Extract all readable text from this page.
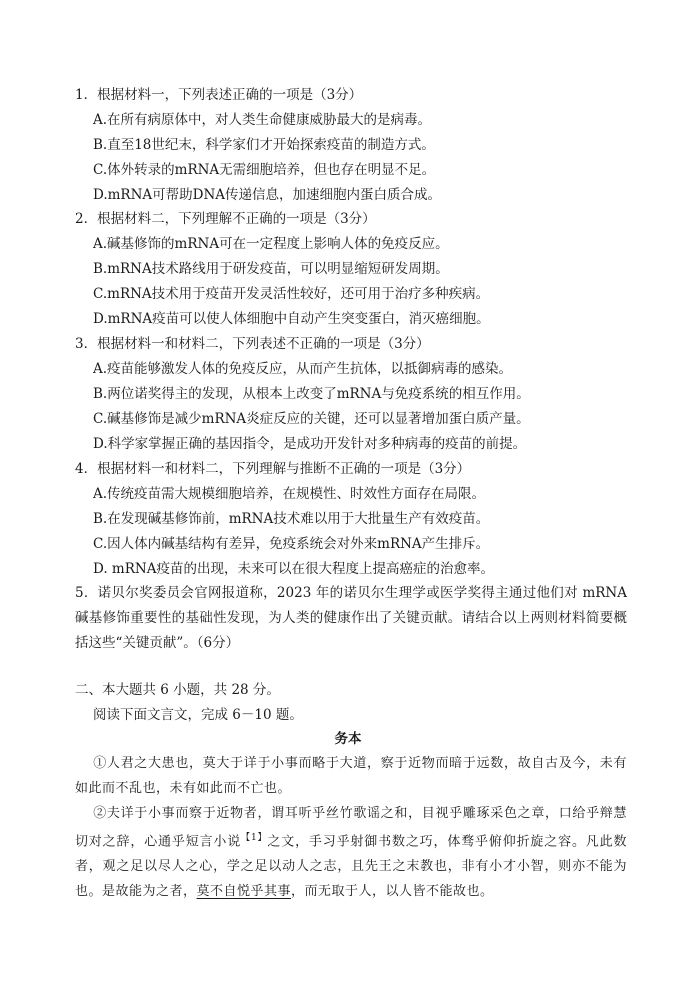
1．根据材料一，下列表述正确的一项是（3分）
A.在所有病原体中，对人类生命健康威胁最大的是病毒。
B.直至18世纪末，科学家们才开始探索疫苗的制造方式。
C.体外转录的mRNA无需细胞培养，但也存在明显不足。
D.mRNA可帮助DNA传递信息，加速细胞内蛋白质合成。
2．根据材料二，下列理解不正确的一项是（3分）
A.碱基修饰的mRNA可在一定程度上影响人体的免疫反应。
B.mRNA技术路线用于研发疫苗，可以明显缩短研发周期。
C.mRNA技术用于疫苗开发灵活性较好，还可用于治疗多种疾病。
D.mRNA疫苗可以使人体细胞中自动产生突变蛋白，消灭癌细胞。
3．根据材料一和材料二，下列表述不正确的一项是（3分）
A.疫苗能够激发人体的免疫反应，从而产生抗体，以抵御病毒的感染。
B.两位诺奖得主的发现，从根本上改变了mRNA与免疫系统的相互作用。
C.碱基修饰是减少mRNA炎症反应的关键，还可以显著增加蛋白质产量。
D.科学家掌握正确的基因指令，是成功开发针对多种病毒的疫苗的前提。
4．根据材料一和材料二，下列理解与推断不正确的一项是（3分）
A.传统疫苗需大规模细胞培养，在规模性、时效性方面存在局限。
B.在发现碱基修饰前，mRNA技术难以用于大批量生产有效疫苗。
C.因人体内碱基结构有差异，免疫系统会对外来mRNA产生排斥。
D. mRNA疫苗的出现，未来可以在很大程度上提高癌症的治愈率。
5．诺贝尔奖委员会官网报道称，2023 年的诺贝尔生理学或医学奖得主通过他们对 mRNA 碱基修饰重要性的基础性发现，为人类的健康作出了关键贡献。请结合以上两则材料简要概括这些“关键贡献”。（6分）
二、本大题共 6 小题，共 28 分。
阅读下面文言文，完成 6－10 题。
务本
①人君之大患也，莫大于详于小事而略于大道，察于近物而暗于远数，故自古及今，未有如此而不乱也，未有如此而不亡也。
②夫详于小事而察于近物者，谓耳听乎丝竹歌谣之和，目视乎雕琢采色之章，口给乎辩慧切对之辞，心通乎短言小说$^{【1】}$之文，手习乎射御书数之巧，体骛乎俯仰折旋之容。凡此数者，观之足以尽人之心，学之足以动人之志，且先王之末教也，非有小才小智，则亦不能为也。是故能为之者，莫不自悦乎其事，而无取于人，以人皆不能故也。
